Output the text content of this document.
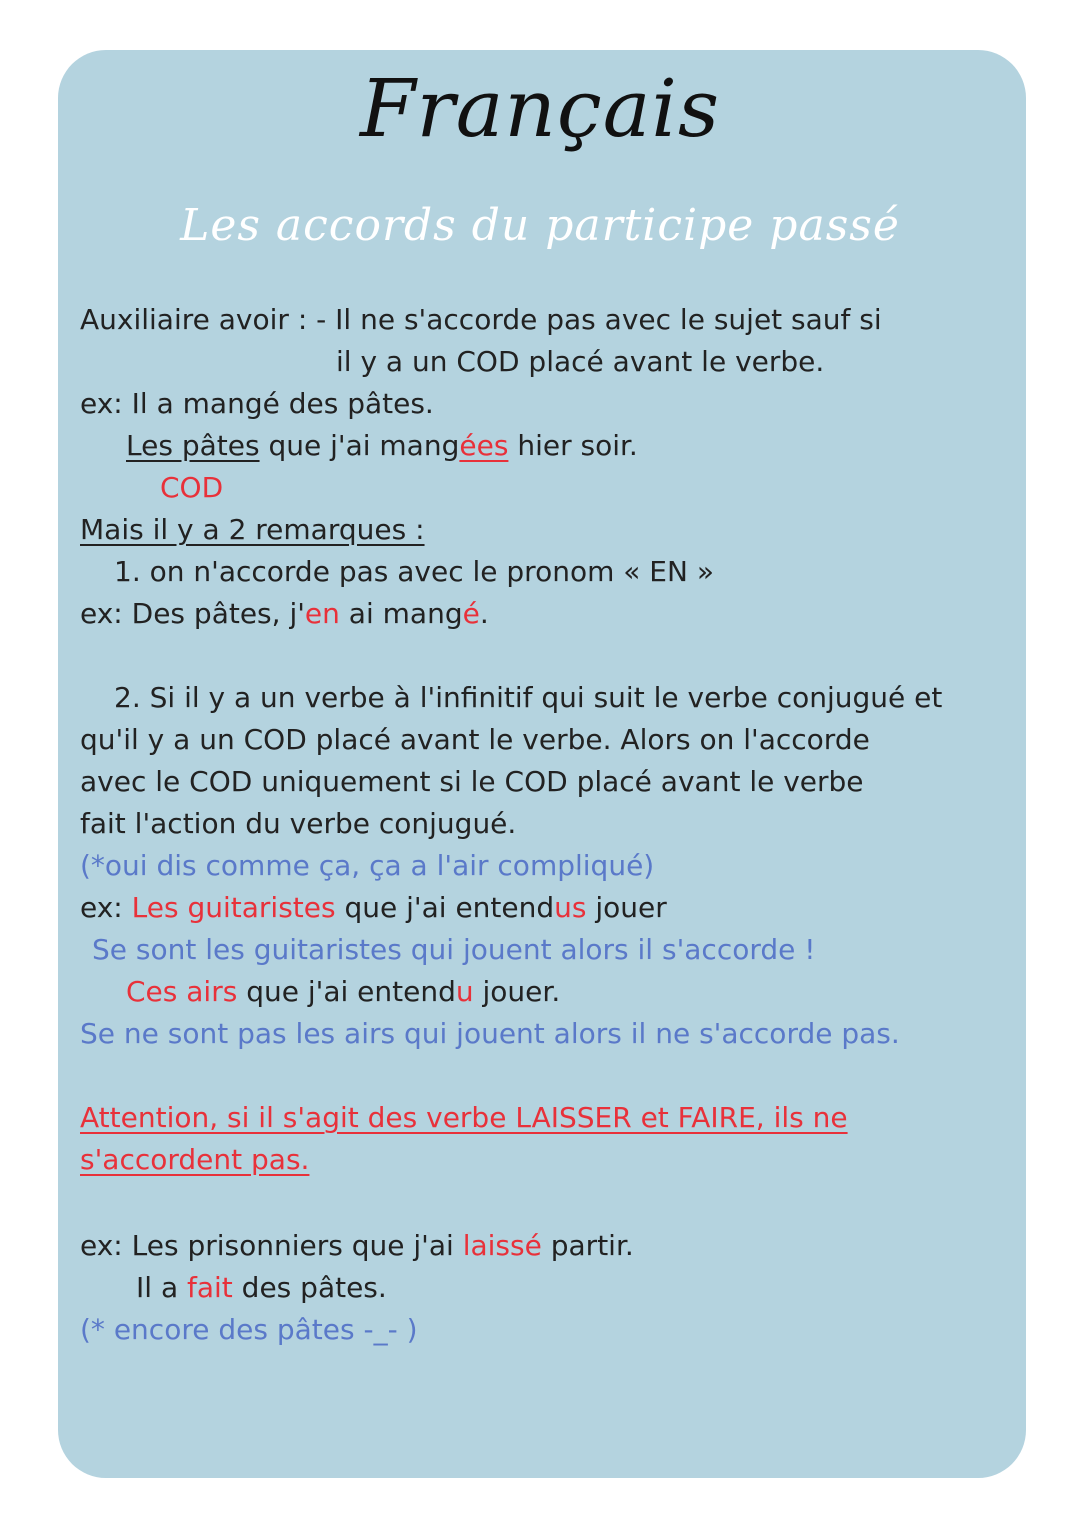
Français
Les accords du participe passé
Auxiliaire avoir : - Il ne s'accorde pas avec le sujet sauf si
il y a un COD placé avant le verbe.
ex: Il a mangé des pâtes.
Les pâtes que j'ai mangées hier soir.
COD
Mais il y a 2 remarques :
1. on n'accorde pas avec le pronom « EN »
ex: Des pâtes, j'en ai mangé.
2. Si il y a un verbe à l'infinitif qui suit le verbe conjugué et
qu'il y a un COD placé avant le verbe. Alors on l'accorde
avec le COD uniquement si le COD placé avant le verbe
fait l'action du verbe conjugué.
(*oui dis comme ça, ça a l'air compliqué)
ex: Les guitaristes que j'ai entendus jouer
Se sont les guitaristes qui jouent alors il s'accorde !
Ces airs que j'ai entendu jouer.
Se ne sont pas les airs qui jouent alors il ne s'accorde pas.
Attention, si il s'agit des verbe LAISSER et FAIRE, ils ne
s'accordent pas.
ex: Les prisonniers que j'ai laissé partir.
Il a fait des pâtes.
(* encore des pâtes -_- )
